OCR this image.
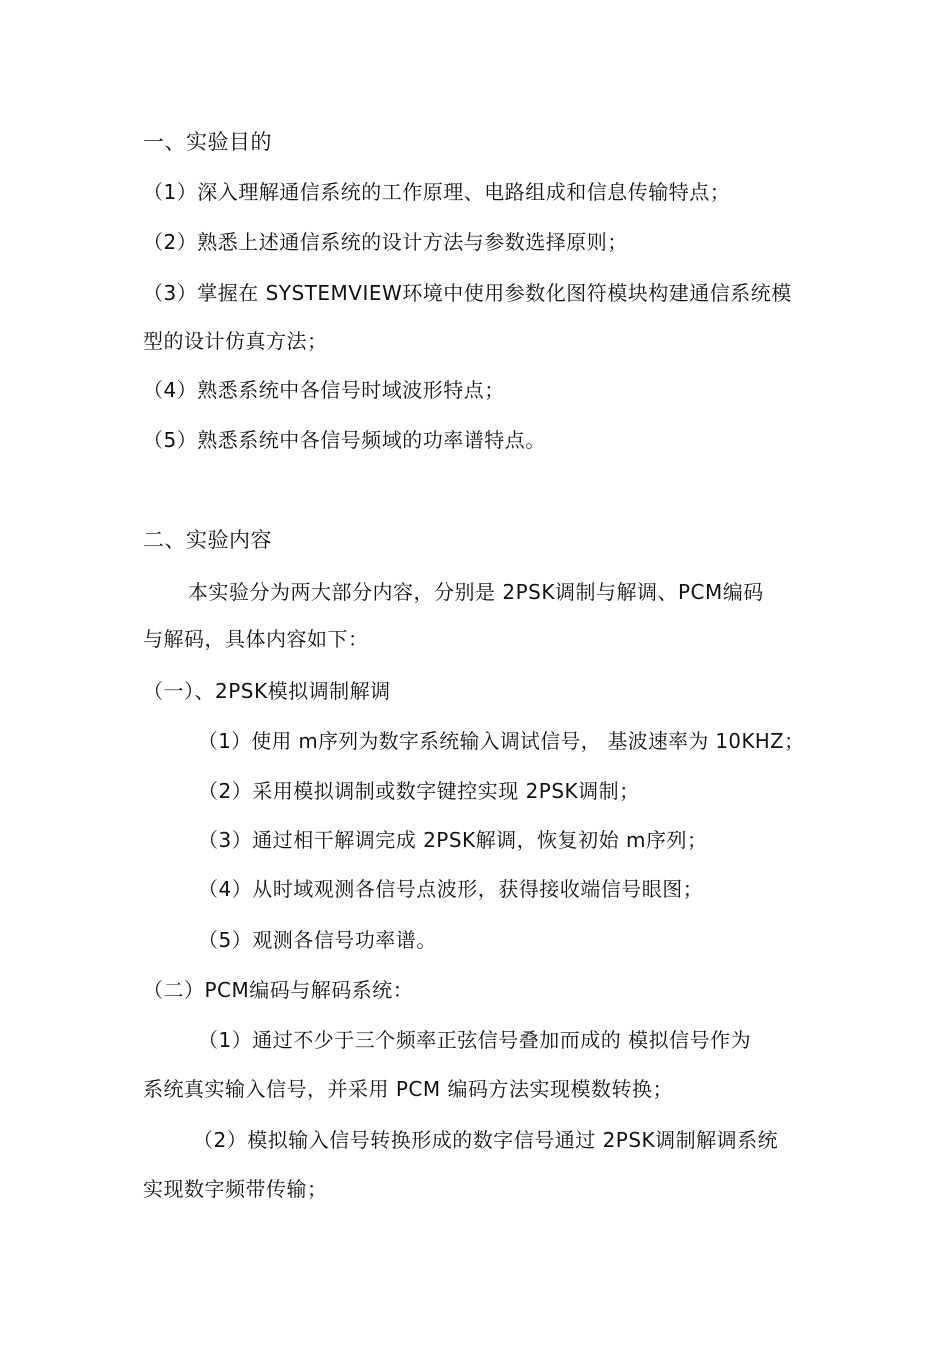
一、实验目的
（1）深入理解通信系统的工作原理、电路组成和信息传输特点；
（2）熟悉上述通信系统的设计方法与参数选择原则；
（3）掌握在 SYSTEMVIEW环境中使用参数化图符模块构建通信系统模
型的设计仿真方法；
（4）熟悉系统中各信号时域波形特点；
（5）熟悉系统中各信号频域的功率谱特点。
二、实验内容
本实验分为两大部分内容，分别是 2PSK调制与解调、PCM编码
与解码，具体内容如下：
（一）、2PSK模拟调制解调
（1）使用 m序列为数字系统输入调试信号， 基波速率为 10KHZ；
（2）采用模拟调制或数字键控实现 2PSK调制；
（3）通过相干解调完成 2PSK解调，恢复初始 m序列；
（4）从时域观测各信号点波形，获得接收端信号眼图；
（5）观测各信号功率谱。
（二）PCM编码与解码系统：
（1）通过不少于三个频率正弦信号叠加而成的 模拟信号作为
系统真实输入信号，并采用 PCM 编码方法实现模数转换；
（2）模拟输入信号转换形成的数字信号通过 2PSK调制解调系统
实现数字频带传输；
